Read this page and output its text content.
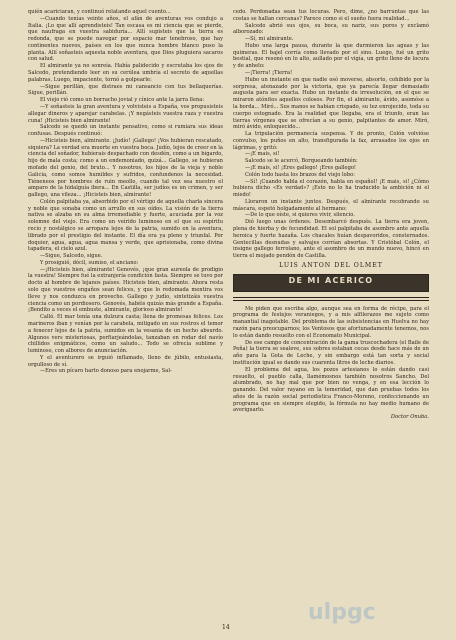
quién acariciaran, y continuó relatando aquel cuento...

—Cuando tenías veinte años, el afán de aventuras vos condujo a Italia. ¡Lo que allí aprendisteis! Tan escasa es mi ciencia que se pierde, que naufraga en vuestra sabiduría... Allí supisteis que la tierra es redonda, que se puede navegar por espacio mar tenebroso, que hay continentes nuevos, países en los que nunca hombre blanco puso la planta. Allí soñasteis aquesta noble aventura, que Dios pluguiera sacaros con salud.

El almirante ya no sonreía. Había palidecido y escrutaba los ojos de Salcedo, pretendiendo leer en su cerúlea umbría el secreto de aquellas palabras. Luego, impaciente, tornó a golpearle:

—Sigue perillán, que distraes mi cansancio con tus bellaquerías. Sigue, perillán.

El viejo rió como un borracho jovial y cínico ante la jarra llena:

—Y soñasteis la gran aventura y volvisteis a España, vos propusisteis allegar dineros y aparejar carabelas. ¡Y negásteis vuestra raza y vuestra cuna! ¡Hicisteis bien almirante!

Salcedo se quedó un instante pensativo, como si rumiara sus ideas confusas. Después continuó:

—Hicisteis bien, almirante. ¡Judío! ¡Gallego! ¡Vos hubieran rescatado, siquiera? La verdad era muerte en vuestra boca. Judío, lejos de creer en la ciencia del soñador, hubierais despachado con desdén, como a un bigardo, hijo de mala costa; como a un endemoniado, quizá... Gallego, se hubieran mofado del genio, del bruto... Y nosotros, los hijos de la vieja y noble Galicia, como somos humildes y sufridos, confundenos la necesidad. Tiéneneos por hombres de ruin meollo, cuando tal vez sea nuestro el amparo de la hidalguía ibera... En Castilla, ser judíos es un crimen, y ser gallego, una vileza... ¡Hicisteis bien, almirante!

Colón palpitaba ya, absorbido por el vértigo de aquella charla sincera y noble que sonaba como un arrullo en sus oídos. La visión de la tierra nativa se alzaba en su alma irremediable y fuerte, acuciada por la voz solemne del viejo. Era como un veírido luminoso en el que su espíritu recio y nostálgico se arropara lejos de la patria, sumido en la aventura, librado por el prestigio del instante. El día era ya pleno y triunfal. Por doquier, agua, agua, agua mansa y verde, que aprisionaba, como divina tapadera, el cielo azul.

—Sigue, Salcedo, sigue.

Y prosiguió, dócil, sumiso, el anciano:

—¡Hicisteis bien, almirante! Genovés, ¡que gran aureola de prodigio la vuestra! Siempre fué la extranjería condición fasta. Siempre se tuvo por docto al hombre de lejanos países. Hicisteis bien, almirante. Ahora resta solo que vuestros engaños sean felices, y que lo redomada mentira vos lleve y nos conduzca en provecho. Gallego y judío, sintetizáis vuestra ciencia como un pordiosero. Genovés, habéis quizás más grande a España. ¡Bendito a veces el embuste, almirante, glorioso almirante!

Calló. El mar tenía una dulzura casta; llena de promesas felices. Los marineros iban y venían por la carabela, mitigado en sus rostros el temor a fenecer lejos de la patria, sumidos en la vesania de un hecho absurdo. Algunos vers misteriosas, porfiarjeándolas, tanzaban en rodar del navío chillidos enigmáticos, como un saludo... Todo se ofrecía sublime y luminoso, con albores de anunciación.

Y el aventurero se irguió inflamado, lleno de júbilo, entusiasta, orgulloso de sí.

—Eres un pícaro harto donoso para enojarme, Sal-

cedo. Perdonadas sean tus locuras. Pero, dime, ¿no barruntas que las costas se hallan cercanas? Parece como si el sueño fuera realidad...

Salcedo abrió sus ojos, su boca, su nariz, sus poros y exclamó alborozado:

—Sí, mi almirante.

Hubo una larga pausa, durante la que durmieron las aguas y las quimeras. El bajel corría como llevado por el sino. Luego, fué un grito bestial, que resonó en lo alto, aullado por el vigía, un grito lleno de locura y de anhelo:

—¡Tierra! ¡Tierra!

Hubo un instante en que nadie osó moverse, absorto, cohibido por la sorpresa, atenazado por la victoria, que ya parecía llegar demasiado augusta para ser exacta. Hubo un instante de irresolución, en el que se miraron atónitos aquellos colosos. Por fin, el almirante, ávido, asomóse a la borda... Miró... Sus manos se habían crispado, su tez enrojecido, toda su cuerpo estognado. Era la realidad que llegaba, era el triunfo, eran las tierras vírgenes que se ofrecían a su genio, palpitantes de amor. Miró, miró ávido, enloquecido...

La tripulación permanecía suspensa. Y de pronto, Colón volvióse convulso, los puños en alto, transfigurada la faz, arrasados los ojos en lágrimas, y gritó:

—¡E mais, si!

Salcedo se le acercó, Borqueando también:

—¡E mais, si! ¡Eres gallego! ¡Eres gallego!

Colón todo hasta los brazos del viejo lobo:

—Sí! ¡Cuando habla el corazón, habla en español! ¡E mais, si! ¿Cómo hubiera dicho «Es verdad»? ¡Esto no lo ha traducido la ambición ni el miedo!

Lloraron un instante juntos. Después, el almirante recobrando su máscara, espetó holgadamente al hermano:

—De lo que oíste, si quieres vivir, silencio.

Dió luego unas órdenes. Desembarcó después. La tierra era joven, plena de hierba y de fecundidad. El sol palpitaba de asombro ante aquella heroica y fuerte hazaña. Los chacales huían despavoridos, consternados. Gentecillas desnudas y salvajes corrían absortas. Y Cristóbal Colón, el insigne gallego ferrolano, ante el asombro de un mundo nuevo, hincó en tierra el mojado pendón de Castilla.

LUIS ANTON DEL OLMET
DE MI ACERICO

Me piden que escriba algo, aunque sea en forma de récipe, para el programa de festejos veraniegos, y a mis alfilerazos me sujeto como manantial inagotable. Del problema de las subsistencias en Huelva no hay razón para preocuparnos; los Ventosos que afortunadamente tenemos, nos lo están dando resuelto con el Economato Municipal.

De ese campo de concentración de la gama truscochadera (el Baile de Peña) la tierra se sealeve, sus sobres estaban cecas desde hace más de un año para la Gota de Leche, y sin embargo está tan sorta y social institución igual se dando sus cuarenta litros de leche diarios.

El problema del agua, los pozos artesianos lo están dando casi resuelto, el pueblo calla, llamémosnos también nosotros Sancho. Del alumbrado, no hay mal que por bien no venga, y en esa lección lo ganando. Del valor rayano en la temeridad, que dan pruebas todos los años de la razón social periodística Franco-Moreno, confeccionando un programa que en siempre elegido, la fórmula no hay medio humano de averiguarlo.

Doctor Onuba.

ulpgc
14
